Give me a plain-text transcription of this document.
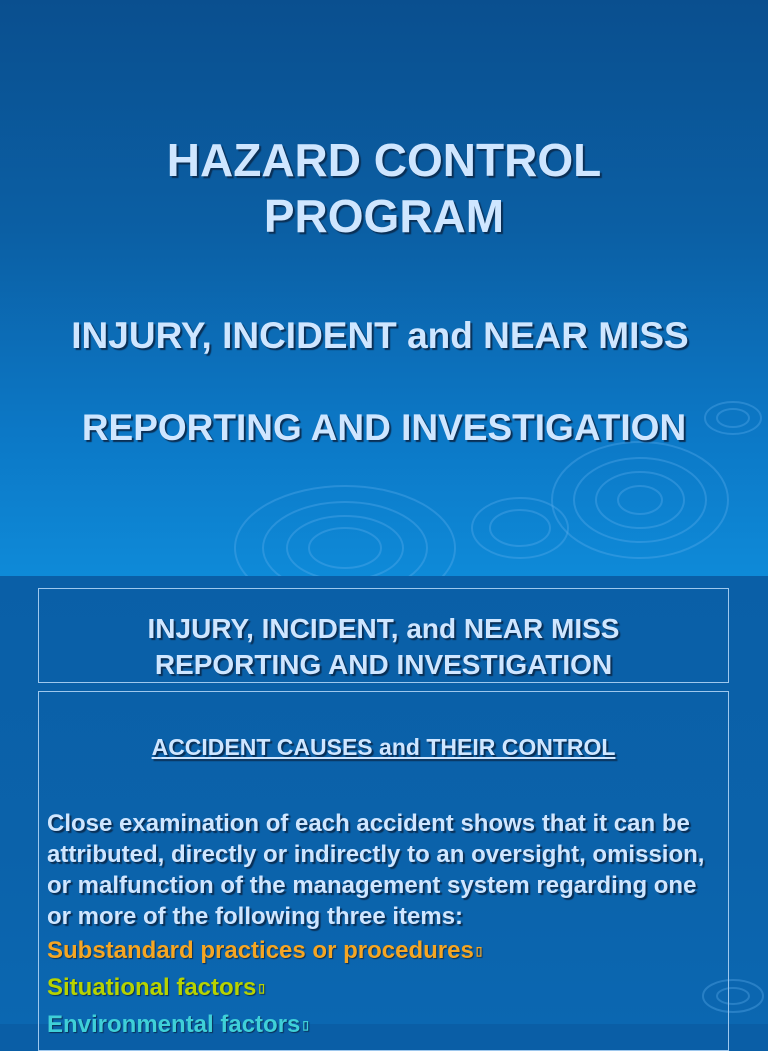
HAZARD CONTROL
PROGRAM
INJURY, INCIDENT and NEAR MISS
REPORTING AND INVESTIGATION
INJURY, INCIDENT, and NEAR MISS
REPORTING AND INVESTIGATION
ACCIDENT CAUSES and THEIR CONTROL
Close examination of each accident shows that it can be attributed, directly or indirectly to an oversight, omission, or malfunction of the management system regarding one or more of the following three items:
Substandard practices or procedures ▯
Situational factors ▯
Environmental factors ▯
